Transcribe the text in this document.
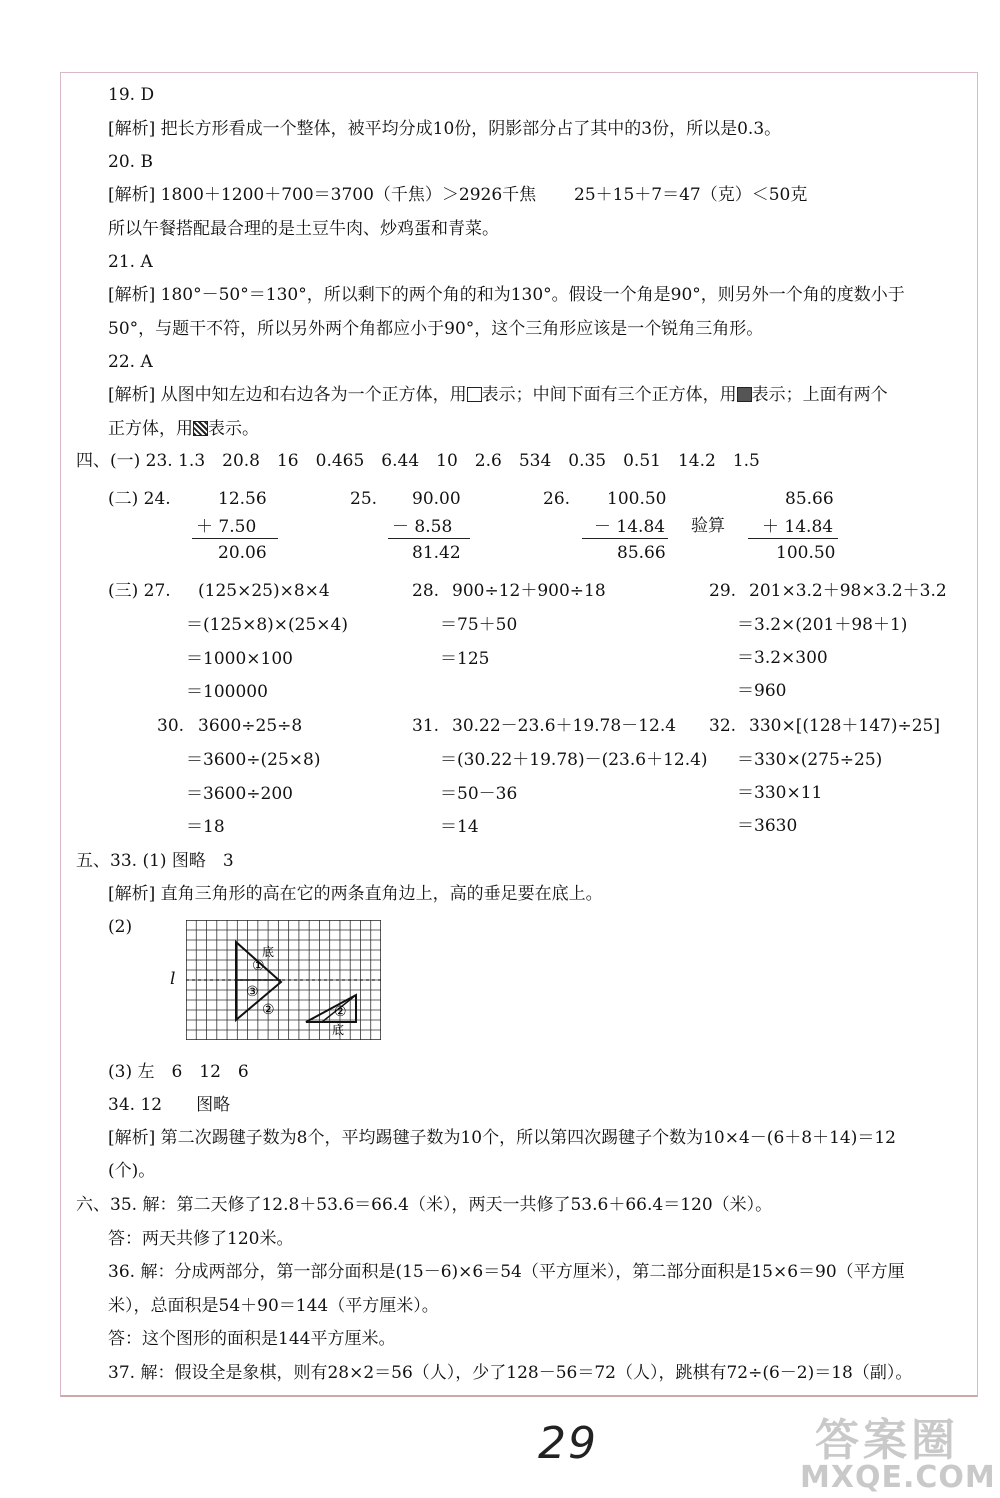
19. D
[解析] 把长方形看成一个整体，被平均分成10份，阴影部分占了其中的3份，所以是0.3。
20. B
[解析] 1800＋1200＋700＝3700（千焦）＞2926千焦 25＋15＋7＝47（克）＜50克
所以午餐搭配最合理的是土豆牛肉、炒鸡蛋和青菜。
21. A
[解析] 180°－50°＝130°，所以剩下的两个角的和为130°。假设一个角是90°，则另外一个角的度数小于
50°，与题干不符，所以另外两个角都应小于90°，这个三角形应该是一个锐角三角形。
22. A
[解析] 从图中知左边和右边各为一个正方体，用 表示；中间下面有三个正方体，用 表示；上面有两个
正方体，用 表示。
四、(一) 23. 1.3　20.8　16　0.465　6.44　10　2.6　534　0.35　0.51　14.2　1.5
(二) 24.	12.56
＋ 7.50
20.06
25. 90.00
－ 8.58
81.42
26. 100.50
－ 14.84
85.66
验算
85.66
＋ 14.84
100.50
(三) 27. (125×25)×8×4
＝(125×8)×(25×4)
＝1000×100
＝100000
28. 900÷12＋900÷18
＝75＋50
＝125
29. 201×3.2＋98×3.2＋3.2
＝3.2×(201＋98＋1)
＝3.2×300
＝960
30. 3600÷25÷8
＝3600÷(25×8)
＝3600÷200
＝18
31. 30.22－23.6＋19.78－12.4
＝(30.22＋19.78)－(23.6＋12.4)
＝50－36
＝14
32. 330×[(128＋147)÷25]
＝330×(275÷25)
＝330×11
＝3630
五、33. (1) 图略　3
[解析] 直角三角形的高在它的两条直角边上，高的垂足要在底上。
(2)
①
③
②	②
底
底
l
(3) 左　6　12　6
34. 12　　图略
[解析] 第二次踢毽子数为8个，平均踢毽子数为10个，所以第四次踢毽子个数为10×4－(6＋8＋14)＝12
(个)。
六、35. 解：第二天修了12.8＋53.6＝66.4（米），两天一共修了53.6＋66.4＝120（米）。
答：两天共修了120米。
36. 解：分成两部分，第一部分面积是(15－6)×6＝54（平方厘米），第二部分面积是15×6＝90（平方厘
米），总面积是54＋90＝144（平方厘米）。
答：这个图形的面积是144平方厘米。
37. 解：假设全是象棋，则有28×2＝56（人），少了128－56＝72（人），跳棋有72÷(6－2)＝18（副）。
29	答案圈
MXQE.COM
